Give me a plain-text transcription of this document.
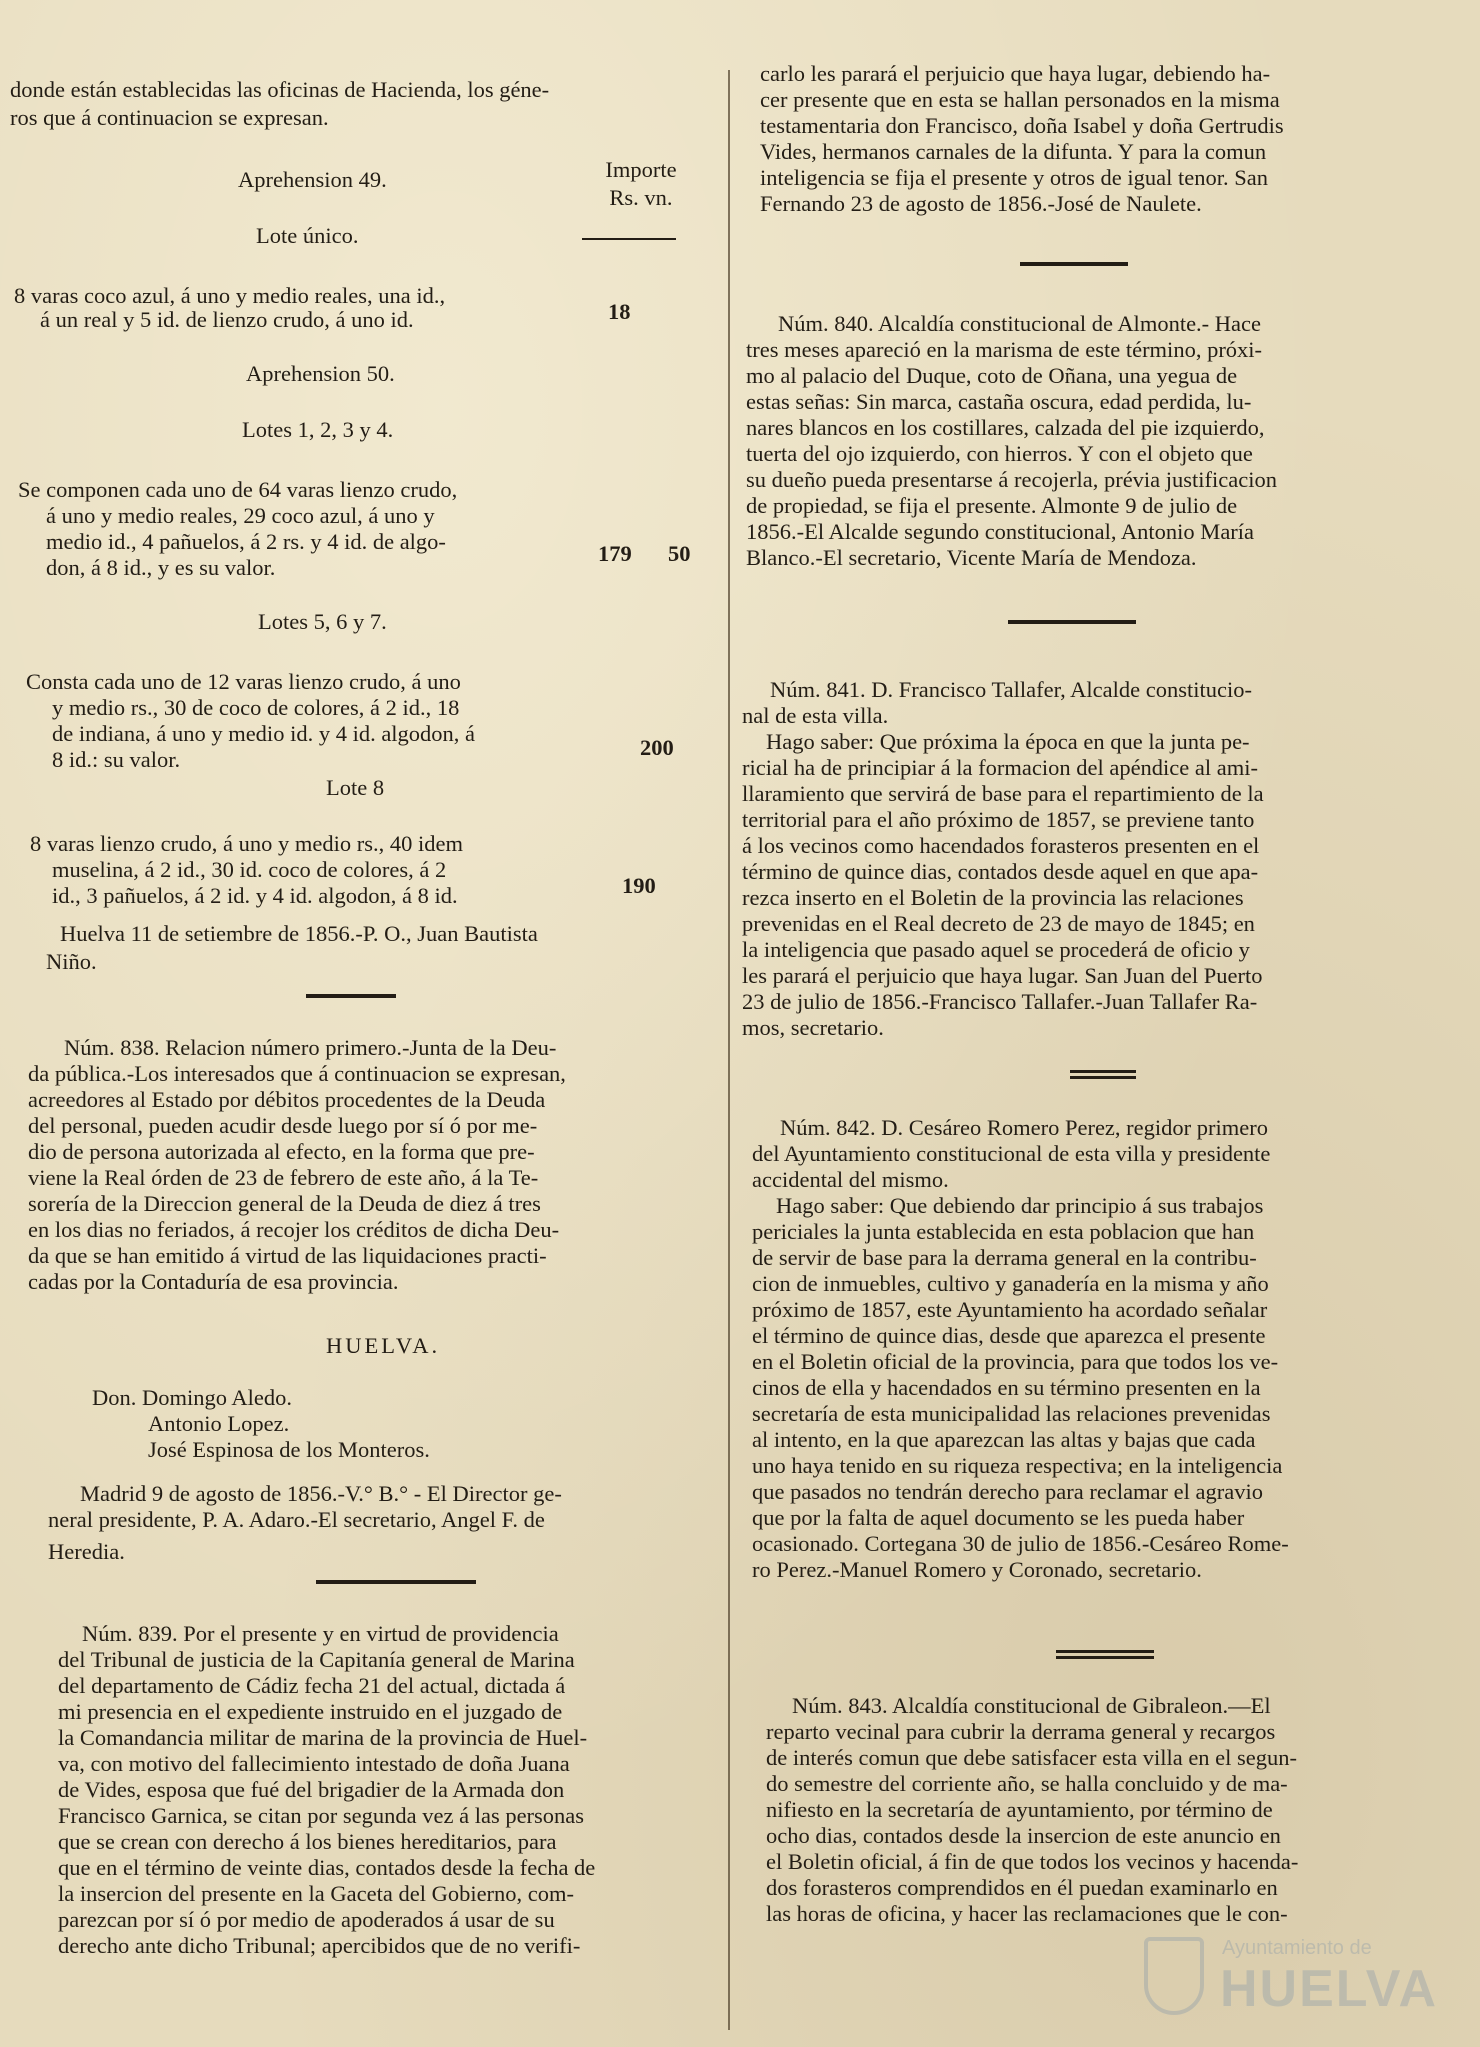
donde están establecidas las oficinas de Hacienda, los géne-
ros que á continuacion se expresan.
Aprehension 49.	Importe
Rs. vn.
Lote único.
8 varas coco azul, á uno y medio reales, una id.,
á un real y 5 id. de lienzo crudo, á uno id.	18
Aprehension 50.
Lotes 1, 2, 3 y 4.
Se componen cada uno de 64 varas lienzo crudo,
á uno y medio reales, 29 coco azul, á uno y
medio id., 4 pañuelos, á 2 rs. y 4 id. de algo-
don, á 8 id., y es su valor.
179 50
Lotes 5, 6 y 7.
Consta cada uno de 12 varas lienzo crudo, á uno
y medio rs., 30 de coco de colores, á 2 id., 18
de indiana, á uno y medio id. y 4 id. algodon, á
8 id.: su valor.	200
Lote 8
8 varas lienzo crudo, á uno y medio rs., 40 idem
muselina, á 2 id., 30 id. coco de colores, á 2
id., 3 pañuelos, á 2 id. y 4 id. algodon, á 8 id.	190
Huelva 11 de setiembre de 1856.-P. O., Juan Bautista
Niño.
Núm. 838. Relacion número primero.-Junta de la Deu-
da pública.-Los interesados que á continuacion se expresan,
acreedores al Estado por débitos procedentes de la Deuda
del personal, pueden acudir desde luego por sí ó por me-
dio de persona autorizada al efecto, en la forma que pre-
viene la Real órden de 23 de febrero de este año, á la Te-
sorería de la Direccion general de la Deuda de diez á tres
en los dias no feriados, á recojer los créditos de dicha Deu-
da que se han emitido á virtud de las liquidaciones practi-
cadas por la Contaduría de esa provincia.
HUELVA.
Don. Domingo Aledo.
Antonio Lopez.
José Espinosa de los Monteros.
Madrid 9 de agosto de 1856.-V.° B.° - El Director ge-
neral presidente, P. A. Adaro.-El secretario, Angel F. de
Heredia.
Núm. 839. Por el presente y en virtud de providencia
del Tribunal de justicia de la Capitanía general de Marina
del departamento de Cádiz fecha 21 del actual, dictada á
mi presencia en el expediente instruido en el juzgado de
la Comandancia militar de marina de la provincia de Huel-
va, con motivo del fallecimiento intestado de doña Juana
de Vides, esposa que fué del brigadier de la Armada don
Francisco Garnica, se citan por segunda vez á las personas
que se crean con derecho á los bienes hereditarios, para
que en el término de veinte dias, contados desde la fecha de
la insercion del presente en la Gaceta del Gobierno, com-
parezcan por sí ó por medio de apoderados á usar de su
derecho ante dicho Tribunal; apercibidos que de no verifi-
carlo les parará el perjuicio que haya lugar, debiendo ha-
cer presente que en esta se hallan personados en la misma
testamentaria don Francisco, doña Isabel y doña Gertrudis
Vides, hermanos carnales de la difunta. Y para la comun
inteligencia se fija el presente y otros de igual tenor. San
Fernando 23 de agosto de 1856.-José de Naulete.
Núm. 840. Alcaldía constitucional de Almonte.- Hace
tres meses apareció en la marisma de este término, próxi-
mo al palacio del Duque, coto de Oñana, una yegua de
estas señas: Sin marca, castaña oscura, edad perdida, lu-
nares blancos en los costillares, calzada del pie izquierdo,
tuerta del ojo izquierdo, con hierros. Y con el objeto que
su dueño pueda presentarse á recojerla, prévia justificacion
de propiedad, se fija el presente. Almonte 9 de julio de
1856.-El Alcalde segundo constitucional, Antonio María
Blanco.-El secretario, Vicente María de Mendoza.
Núm. 841. D. Francisco Tallafer, Alcalde constitucio-
nal de esta villa.
Hago saber: Que próxima la época en que la junta pe-
ricial ha de principiar á la formacion del apéndice al ami-
llaramiento que servirá de base para el repartimiento de la
territorial para el año próximo de 1857, se previene tanto
á los vecinos como hacendados forasteros presenten en el
término de quince dias, contados desde aquel en que apa-
rezca inserto en el Boletin de la provincia las relaciones
prevenidas en el Real decreto de 23 de mayo de 1845; en
la inteligencia que pasado aquel se procederá de oficio y
les parará el perjuicio que haya lugar. San Juan del Puerto
23 de julio de 1856.-Francisco Tallafer.-Juan Tallafer Ra-
mos, secretario.
Núm. 842. D. Cesáreo Romero Perez, regidor primero
del Ayuntamiento constitucional de esta villa y presidente
accidental del mismo.
Hago saber: Que debiendo dar principio á sus trabajos
periciales la junta establecida en esta poblacion que han
de servir de base para la derrama general en la contribu-
cion de inmuebles, cultivo y ganadería en la misma y año
próximo de 1857, este Ayuntamiento ha acordado señalar
el término de quince dias, desde que aparezca el presente
en el Boletin oficial de la provincia, para que todos los ve-
cinos de ella y hacendados en su término presenten en la
secretaría de esta municipalidad las relaciones prevenidas
al intento, en la que aparezcan las altas y bajas que cada
uno haya tenido en su riqueza respectiva; en la inteligencia
que pasados no tendrán derecho para reclamar el agravio
que por la falta de aquel documento se les pueda haber
ocasionado. Cortegana 30 de julio de 1856.-Cesáreo Rome-
ro Perez.-Manuel Romero y Coronado, secretario.
Núm. 843. Alcaldía constitucional de Gibraleon.—El
reparto vecinal para cubrir la derrama general y recargos
de interés comun que debe satisfacer esta villa en el segun-
do semestre del corriente año, se halla concluido y de ma-
nifiesto en la secretaría de ayuntamiento, por término de
ocho dias, contados desde la insercion de este anuncio en
el Boletin oficial, á fin de que todos los vecinos y hacenda-
dos forasteros comprendidos en él puedan examinarlo en
las horas de oficina, y hacer las reclamaciones que le con-
Ayuntamiento de
HUELVA
